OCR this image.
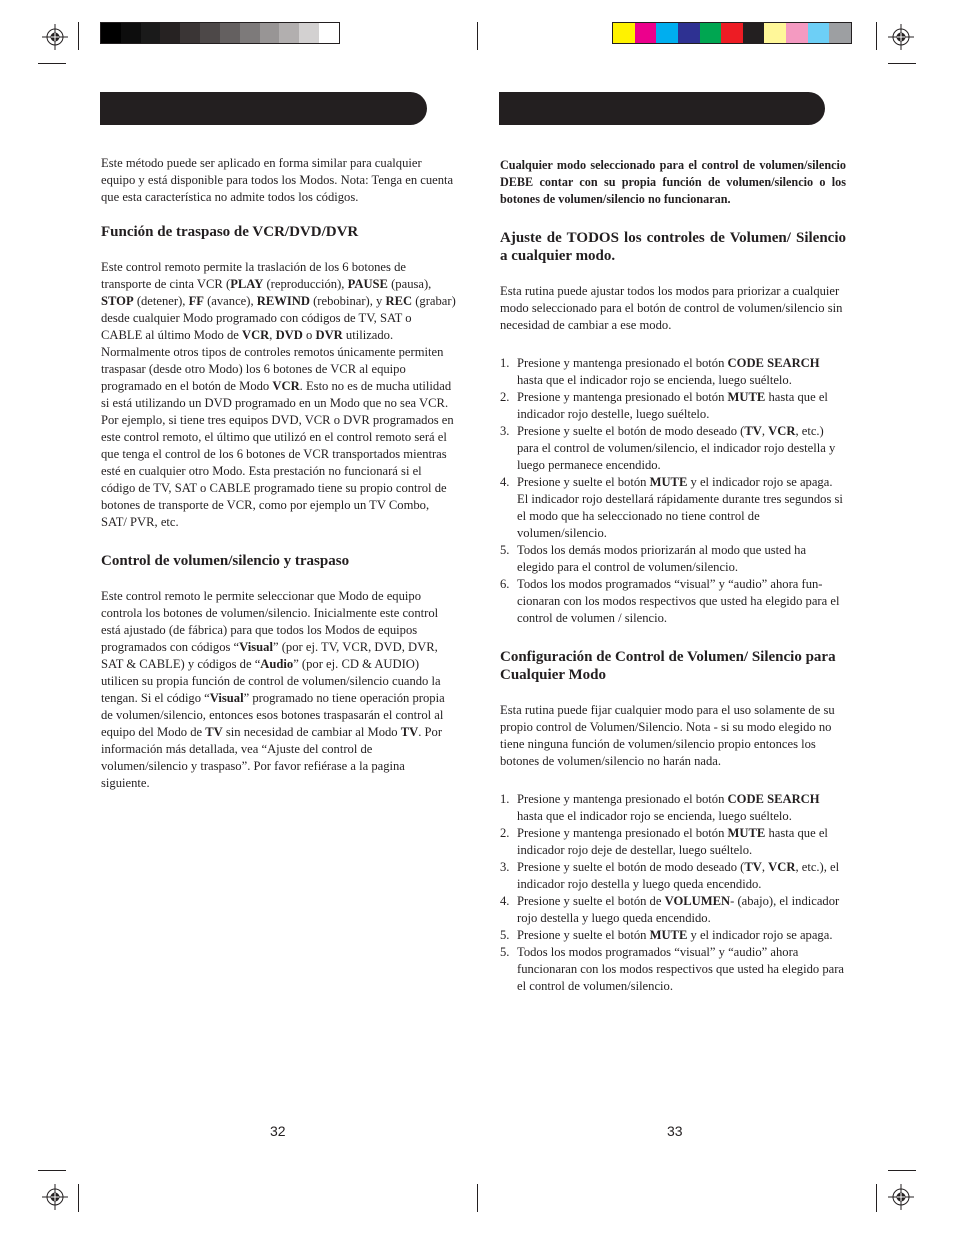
Este método puede ser aplicado en forma similar para cualquier equipo y está disponible para todos los Modos. Nota: Tenga en cuenta que esta característica no admite todos los códigos.

Función de traspaso de VCR/DVD/DVR

Este control remoto permite la traslación de los 6 botones de transporte de cinta VCR (PLAY (reproducción), PAUSE (pausa), STOP (detener), FF (avance), REWIND (rebobinar), y REC (grabar) desde cualquier Modo programado con códigos de TV, SAT o CABLE al último Modo de VCR, DVD o DVR utilizado. Normalmente otros tipos de controles remotos únicamente permiten traspasar (desde otro Modo) los 6 botones de VCR al equipo programado en el botón de Modo VCR. Esto no es de mucha utilidad si está utilizando un DVD programado en un Modo que no sea VCR. Por ejemplo, si tiene tres equipos DVD, VCR o DVR programados en este control remoto, el último que utilizó en el control remoto será el que tenga el control de los 6 botones de VCR transportados mientras esté en cualquier otro Modo. Esta prestación no funcionará si el código de TV, SAT o CABLE programado tiene su propio control de botones de transporte de VCR, como por ejemplo un TV Combo, SAT/ PVR, etc.

Control de volumen/silencio y traspaso

Este control remoto le permite seleccionar que Modo de equipo controla los botones de volumen/silencio. Inicialmente este control está ajustado (de fábrica) para que todos los Modos de equipos programados con códigos “Visual” (por ej. TV, VCR, DVD, DVR, SAT & CABLE) y códigos de “Audio” (por ej. CD & AUDIO) utilicen su propia función de control de volumen/silencio cuando la tengan. Si el código “Visual” programado no tiene operación propia de volumen/silencio, entonces esos botones traspasarán el control al equipo del Modo de TV sin necesidad de cambiar al Modo TV. Por información más detallada, vea “Ajuste del control de volumen/silencio y traspaso”. Por favor refiérase a la pagina siguiente.

32

Cualquier modo seleccionado para el control de volumen/silencio DEBE contar con su propia función de volumen/silencio o los botones de volumen/silencio no funcionaran.

Ajuste de TODOS los controles de Volumen/ Silencio a cualquier modo.

Esta rutina puede ajustar todos los modos para priorizar a cualquier modo seleccionado para el botón de control de volumen/silencio sin necesidad de cambiar a ese modo.

1. Presione y mantenga presionado el botón CODE SEARCH hasta que el indicador rojo se encienda, luego suéltelo.
2. Presione y mantenga presionado el botón MUTE hasta que el indicador rojo destelle, luego suéltelo.
3. Presione y suelte el botón de modo deseado (TV, VCR, etc.) para el control de volumen/silencio, el indicador rojo destella y luego permanece encendido.
4. Presione y suelte el botón MUTE y el indicador rojo se apaga. El indicador rojo destellará rápidamente durante tres segundos si el modo que ha seleccionado no tiene control de volumen/silencio.
5. Todos los demás modos priorizarán al modo que usted ha elegido para el control de volumen/silencio.
6. Todos los modos programados “visual” y “audio” ahora fun- cionaran con los modos respectivos que usted ha elegido para el control de volumen / silencio.
Configuración de Control de Volumen/ Silencio para Cualquier Modo

Esta rutina puede fijar cualquier modo para el uso solamente de su propio control de Volumen/Silencio. Nota - si su modo elegido no tiene ninguna función de volumen/silencio propio entonces los botones de volumen/silencio no harán nada.

1. Presione y mantenga presionado el botón CODE SEARCH hasta que el indicador rojo se encienda, luego suéltelo.
2. Presione y mantenga presionado el botón MUTE hasta que el indicador rojo deje de destellar, luego suéltelo.
3. Presione y suelte el botón de modo deseado (TV, VCR, etc.), el indicador rojo destella y luego queda encendido.
4. Presione y suelte el botón de VOLUMEN- (abajo), el indicador rojo destella y luego queda encendido.
5. Presione y suelte el botón MUTE y el indicador rojo se apaga.
5. Todos los modos programados “visual” y “audio” ahora funcionaran con los modos respectivos que usted ha elegido para el control de volumen/silencio.
33
